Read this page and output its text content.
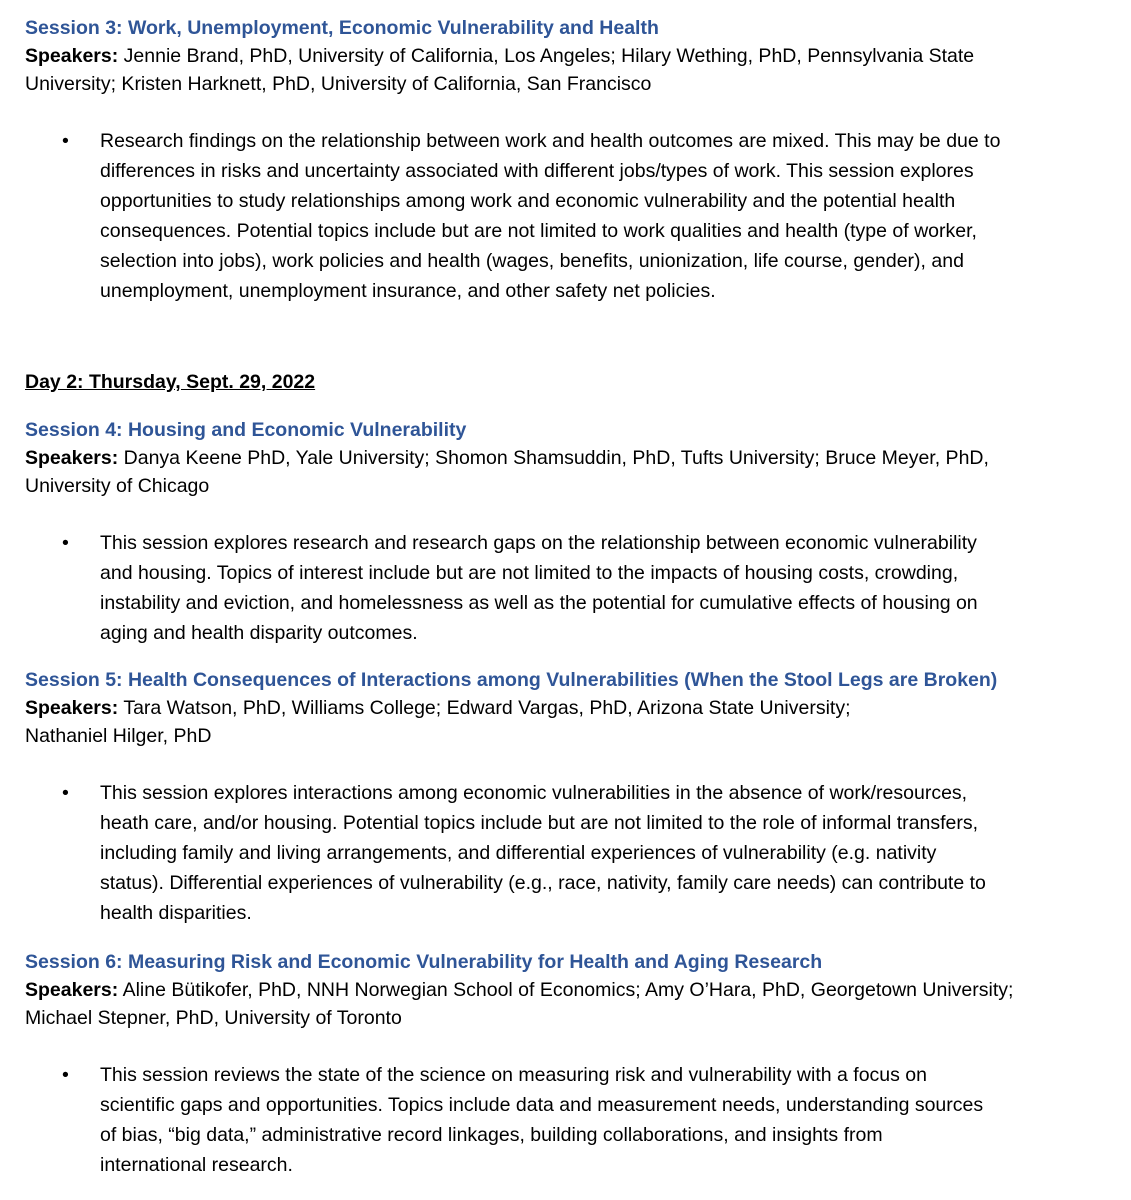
Session 3: Work, Unemployment, Economic Vulnerability and Health

Speakers: Jennie Brand, PhD, University of California, Los Angeles; Hilary Wething, PhD, Pennsylvania State
University; Kristen Harknett, PhD, University of California, San Francisco

• Research findings on the relationship between work and health outcomes are mixed. This may be due to
differences in risks and uncertainty associated with different jobs/types of work. This session explores
opportunities to study relationships among work and economic vulnerability and the potential health
consequences. Potential topics include but are not limited to work qualities and health (type of worker,
selection into jobs), work policies and health (wages, benefits, unionization, life course, gender), and
unemployment, unemployment insurance, and other safety net policies.

Day 2: Thursday, Sept. 29, 2022

Session 4: Housing and Economic Vulnerability

Speakers: Danya Keene PhD, Yale University; Shomon Shamsuddin, PhD, Tufts University; Bruce Meyer, PhD,
University of Chicago

• This session explores research and research gaps on the relationship between economic vulnerability
and housing. Topics of interest include but are not limited to the impacts of housing costs, crowding,
instability and eviction, and homelessness as well as the potential for cumulative effects of housing on
aging and health disparity outcomes.

Session 5: Health Consequences of Interactions among Vulnerabilities (When the Stool Legs are Broken)

Speakers: Tara Watson, PhD, Williams College; Edward Vargas, PhD, Arizona State University;
Nathaniel Hilger, PhD

• This session explores interactions among economic vulnerabilities in the absence of work/resources,
heath care, and/or housing. Potential topics include but are not limited to the role of informal transfers,
including family and living arrangements, and differential experiences of vulnerability (e.g. nativity
status). Differential experiences of vulnerability (e.g., race, nativity, family care needs) can contribute to
health disparities.

Session 6: Measuring Risk and Economic Vulnerability for Health and Aging Research

Speakers: Aline Bütikofer, PhD, NNH Norwegian School of Economics; Amy O’Hara, PhD, Georgetown University;
Michael Stepner, PhD, University of Toronto

• This session reviews the state of the science on measuring risk and vulnerability with a focus on
scientific gaps and opportunities. Topics include data and measurement needs, understanding sources
of bias, “big data,” administrative record linkages, building collaborations, and insights from
international research.
